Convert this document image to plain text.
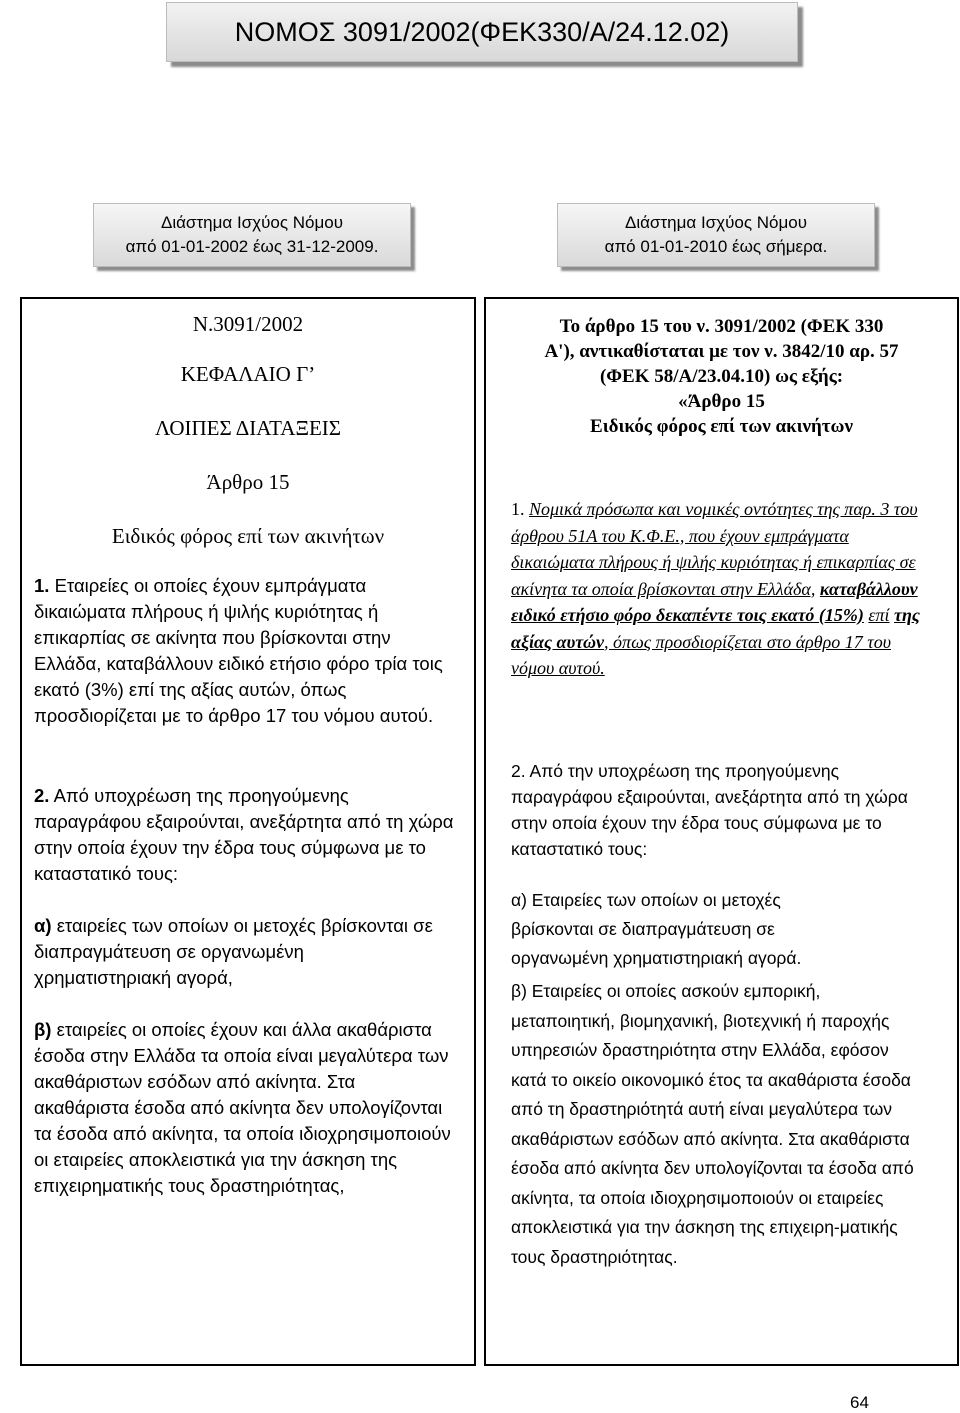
ΝΟΜΟΣ 3091/2002(ΦΕΚ330/Α/24.12.02)
Διάστημα Ισχύος Νόμου
από 01-01-2002 έως 31-12-2009.
Διάστημα Ισχύος Νόμου
από 01-01-2010 έως σήμερα.
Ν.3091/2002
ΚΕΦΑΛΑΙΟ Γ’
ΛΟΙΠΕΣ ΔΙΑΤΑΞΕΙΣ
Άρθρο 15
Ειδικός φόρος επί των ακινήτων
1. Εταιρείες οι οποίες έχουν εμπράγματα δικαιώματα πλήρους ή ψιλής κυριότητας ή επικαρπίας σε ακίνητα που βρίσκονται στην Ελλάδα, καταβάλλουν ειδικό ετήσιο φόρο τρία τοις εκατό (3%) επί της αξίας αυτών, όπως προσδιορίζεται με το άρθρο 17 του νόμου αυτού.
2. Από υποχρέωση της προηγούμενης παραγράφου εξαιρούνται, ανεξάρτητα από τη χώρα στην οποία έχουν την έδρα τους σύμφωνα με το καταστατικό τους:
α) εταιρείες των οποίων οι μετοχές βρίσκονται σε διαπραγμάτευση σε οργανωμένη χρηματιστηριακή αγορά,
β) εταιρείες οι οποίες έχουν και άλλα ακαθάριστα έσοδα στην Ελλάδα τα οποία είναι μεγαλύτερα των ακαθάριστων εσόδων από ακίνητα. Στα ακαθάριστα έσοδα από ακίνητα δεν υπολογίζονται τα έσοδα από ακίνητα, τα οποία ιδιοχρησιμοποιούν οι εταιρείες αποκλειστικά για την άσκηση της επιχειρηματικής τους δραστηριότητας,
Το άρθρο 15 του ν. 3091/2002 (ΦΕΚ 330
Α'), αντικαθίσταται με τον ν. 3842/10 αρ. 57
(ΦΕΚ 58/Α/23.04.10) ως εξής:
«Άρθρο 15
Ειδικός φόρος επί των ακινήτων
1. Νομικά πρόσωπα και νομικές οντότητες της παρ. 3 του άρθρου 51Α του Κ.Φ.Ε., που έχουν εμπράγματα δικαιώματα πλήρους ή ψιλής κυριότητας ή επικαρπίας σε ακίνητα τα οποία βρίσκονται στην Ελλάδα, καταβάλλουν ειδικό ετήσιο φόρο δεκαπέντε τοις εκατό (15%) επί της αξίας αυτών, όπως προσδιορίζεται στο άρθρο 17 του νόμου αυτού.
2. Από την υποχρέωση της προηγούμενης παραγράφου εξαιρούνται, ανεξάρτητα από τη χώρα στην οποία έχουν την έδρα τους σύμφωνα με το καταστατικό τους:
α) Εταιρείες των οποίων οι μετοχές βρίσκονται σε διαπραγμάτευση σε οργανωμένη χρηματιστηριακή αγορά.
β) Εταιρείες οι οποίες ασκούν εμπορική, μεταποιητική, βιομηχανική, βιοτεχνική ή παροχής υπηρεσιών δραστηριότητα στην Ελλάδα, εφόσον κατά το οικείο οικονομικό έτος τα ακαθάριστα έσοδα από τη δραστηριότητά αυτή είναι μεγαλύτερα των ακαθάριστων εσόδων από ακίνητα. Στα ακαθάριστα έσοδα από ακίνητα δεν υπολογίζονται τα έσοδα από ακίνητα, τα οποία ιδιοχρησιμοποιούν οι εταιρείες αποκλειστικά για την άσκηση της επιχειρη-ματικής τους δραστηριότητας.
64
